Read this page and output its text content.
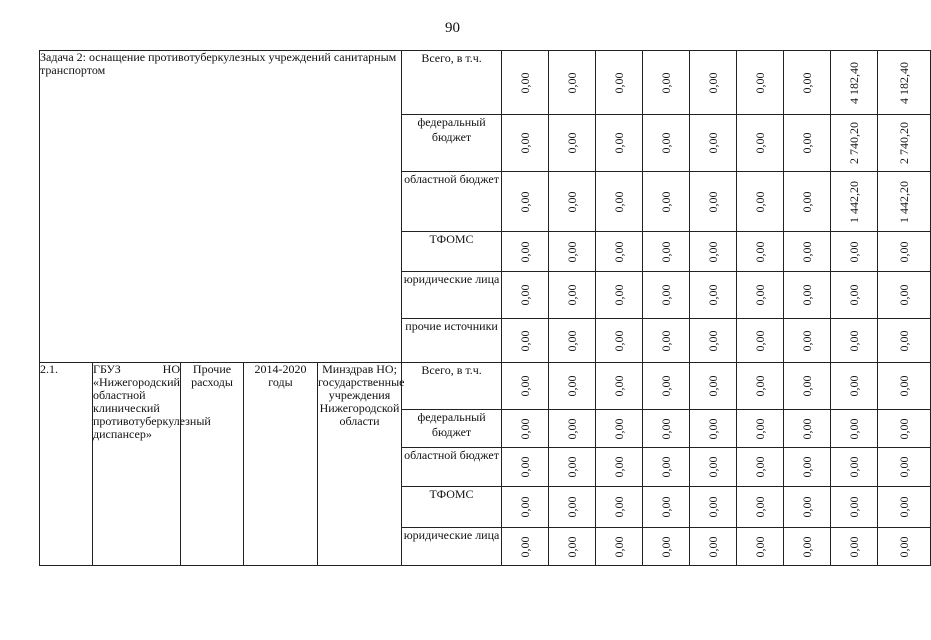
90
Задача 2: оснащение противотуберкулезных учреждений санитарным транспортом					Всего, в т.ч.	0,00	0,00	0,00	0,00	0,00	0,00	0,00	4 182,40	4 182,40

					федеральный бюджет	0,00	0,00	0,00	0,00	0,00	0,00	0,00	2 740,20	2 740,20

					областной бюджет	0,00	0,00	0,00	0,00	0,00	0,00	0,00	1 442,20	1 442,20

					ТФОМС	0,00	0,00	0,00	0,00	0,00	0,00	0,00	0,00	0,00

					юридические лица	0,00	0,00	0,00	0,00	0,00	0,00	0,00	0,00	0,00

					прочие источники	0,00	0,00	0,00	0,00	0,00	0,00	0,00	0,00	0,00

2.1.	ГБУЗ НО «Нижегородский областной клинический противотуберкулезный диспансер»	Прочие расходы	2014-2020 годы	Минздрав НО; государственные учреждения Нижегородской области	Всего, в т.ч.	0,00	0,00	0,00	0,00	0,00	0,00	0,00	0,00	0,00

					федеральный бюджет	0,00	0,00	0,00	0,00	0,00	0,00	0,00	0,00	0,00

					областной бюджет	0,00	0,00	0,00	0,00	0,00	0,00	0,00	0,00	0,00

					ТФОМС	0,00	0,00	0,00	0,00	0,00	0,00	0,00	0,00	0,00

					юридические лица	0,00	0,00	0,00	0,00	0,00	0,00	0,00	0,00	0,00
